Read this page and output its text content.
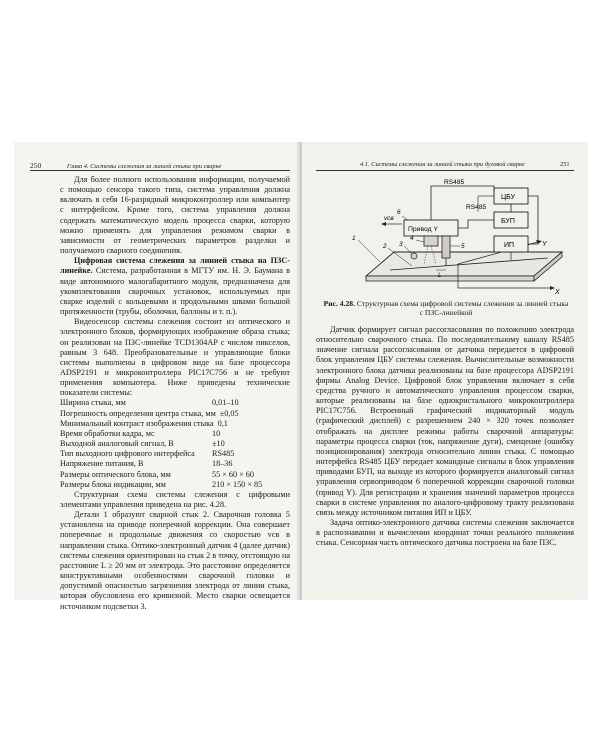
250	Глава 4. Системы слежения за линией стыка при сварке

Для более полного использования информации, получаемой с помощью сенсора такого типа, система управления должна включать в себя 16-разрядный микроконтроллер или компьютер с интерфейсом. Кроме того, система управления должна содержать математическую модель процесса сварки, которую можно применять для управления режимом сварки в зависимости от геометрических параметров разделки и получаемого сварного соединения.

Цифровая система слежения за линией стыка на ПЗС-линейке. Система, разработанная в МГТУ им. Н. Э. Баумана в виде автономного малогабаритного модуля, предназначена для укомплектования сварочных установок, используемых при сварке изделий с кольцевыми и продольными швами большой протяженности (трубы, оболочки, баллоны и т. п.).

Видеосенсор системы слежения состоит из оптического и электронного блоков, формирующих изображение образа стыка; он реализован на ПЗС-линейке TCD1304AP с числом пикселов, равным 3 648. Преобразовательные и управляющие блоки системы выполнены в цифровом виде на базе процессора ADSP2191 и микроконтроллера PIC17C756 и не требуют применения компьютера. Ниже приведены технические показатели системы:

Ширина стыка, мм	0,01–10
Погрешность определения центра стыка, мм ±0,05
Минимальный контраст изображения стыка 0,1
Время обработки кадра, мс	10
Выходной аналоговый сигнал, В	±10
Тип выходного цифрового интерфейса	RS485
Напряжение питания, В	18–36
Размеры оптического блока, мм	55 × 60 × 60
Размеры блока индикации, мм	210 × 150 × 85

Структурная схема системы слежения с цифровыми элементами управления приведена на рис. 4.28.

Детали 1 образуют сварной стык 2. Сварочная головка 5 установлена на приводе поперечной коррекции. Она совершает поперечные и продольные движения со скоростью vсв в направлении стыка. Оптико-электронный датчик 4 (далее датчик) системы слежения ориентирован на стык 2 в точку, отстоящую на расстояние L ≥ 20 мм от электрода. Это расстояние определяется конструктивными особенностями сварочной головки и допустимой опасностью загрязнения электрода от линии стыка, которая обусловлена его кривизной. Место сварки освещается источником подсветки 3.

4.1. Системы слежения за линией стыка при дуговой сварке	251
X
Y
Привод Y
L
vсв
ЦБУ
БУП
ИП
RS485
RS485
1
2 3
4
5
6
Рис. 4.28. Структурная схема цифровой системы слежения за линией стыка с ПЗС-линейкой

Датчик формирует сигнал рассогласования по положению электрода относительно сварочного стыка. По последовательному каналу RS485 значение сигнала рассогласования от датчика передается в цифровой блок управления ЦБУ системы слежения. Вычислительные возможности электронного блока датчика реализованы на базе процессора ADSP2191 фирмы Analog Device. Цифровой блок управления включает в себя средства ручного и автоматического управления процессом сварки, которые реализованы на базе однокристального микроконтроллера PIC17C756. Встроенный графический индикаторный модуль (графический дисплей) с разрешением 240 × 320 точек позволяет отображать на дисплее режимы работы сварочной аппаратуры: параметры процесса сварки (ток, напряжение дуги), смещение (ошибку позиционирования) электрода относительно линии стыка. С помощью интерфейса RS485 ЦБУ передает командные сигналы в блок управления приводами БУП, на выходе из которого формируется аналоговый сигнал управления сервоприводом 6 поперечной коррекции сварочной головки (привод Y). Для регистрации и хранения значений параметров процесса сварки в системе управления по аналого-цифровому тракту реализована связь между источником питания ИП и ЦБУ.

Задача оптико-электронного датчика системы слежения заключается в распознавании и вычислении координат точки реального положения стыка. Сенсорная часть оптического датчика построена на базе ПЗС.
